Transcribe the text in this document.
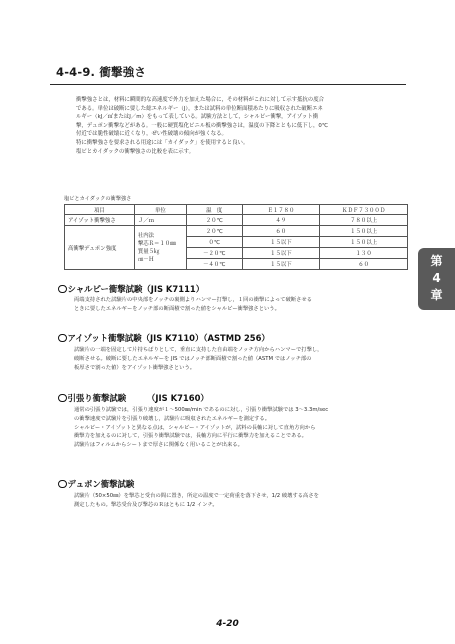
4-4-9. 衝撃強さ

衝撃強さとは，材料に瞬間的な高速度で外力を加えた場合に，その材料がこれに対して示す抵抗の度合

である。単位は破断に要した総エネルギー（J），または試料の単位断面積あたりに吸収された破断エネ

ルギー（kJ／㎡またはJ／m）をもって表している。試験方法として，シャルピー衝撃，アイゾット衝

撃，デュポン衝撃などがある。一般に硬質塩化ビニル板の衝撃強さは，温度の下降とともに低下し，0℃

付近では脆性破壊に近くなり，ぜい性破壊の傾向が強くなる。

特に衝撃強さを要求される用途には「カイダック」を使用すると良い。

塩ビとカイダックの衝撃強さの比較を表に示す。

塩ビとカイダックの衝撃強さ
項目	単位	温　度	Ｅ１７８０	ＫＤＦ７３００Ｄ
アイゾット衝撃強さ	Ｊ／ｍ	２０℃	４９	７８０以上
高衝撃デュポン強度	社内法
撃芯Ｒ＝１０㎜
質量５㎏
㎝－Ｈ	２０℃	６０	１５０以上
		０℃	１５以下	１５０以上
		－２０℃	１５以下	１３０
		－４０℃	１５以下	６０
シャルピー衝撃試験（JIS K7111）

両端支持された試験片の中央部をノッチの裏側よりハンマー打撃し，１回の衝撃によって破断させる

ときに要したエネルギーをノッチ部の断面積で割った値をシャルピー衝撃強さという。

アイゾット衝撃試験（JIS K7110）（ASTMD 256）

試験片の一端を固定して片持ちばりとして，垂直に支持した自由端をノッチ方向からハンマーで打撃し，

破断させる。破断に要したエネルギーを JIS ではノッチ部断面積で割った値（ASTM ではノッチ部の

板厚さで割った値）をアイゾット衝撃強さという。

引張り衝撃試験　　　（JIS K7160）

通常の引張り試験では，引張り速度が１～500㎜/min であるのに対し，引張り衝撃試験では 3～3.3m/sec

の衝撃速度で試験片を引張り破壊し，試験片に吸収されたエネルギーを測定する。

シャルピー・アイゾットと異なる点は，シャルピー・アイゾットが，試料の長軸に対して直角方向から

衝撃力を加えるのに対して，引張り衝撃試験では，長軸方向に平行に衝撃力を加えることである。

試験片はフィルムからシートまで厚さに関係なく用いることが出来る。

デュポン衝撃試験

試験片（50×50㎜）を撃芯と受台の間に置き，所定の温度で一定荷重を落下させ，1/2 破壊する高さを

測定したもの。撃芯受台及び撃芯のＲはともに 1/2 インチ。

第
4
章
4-20
